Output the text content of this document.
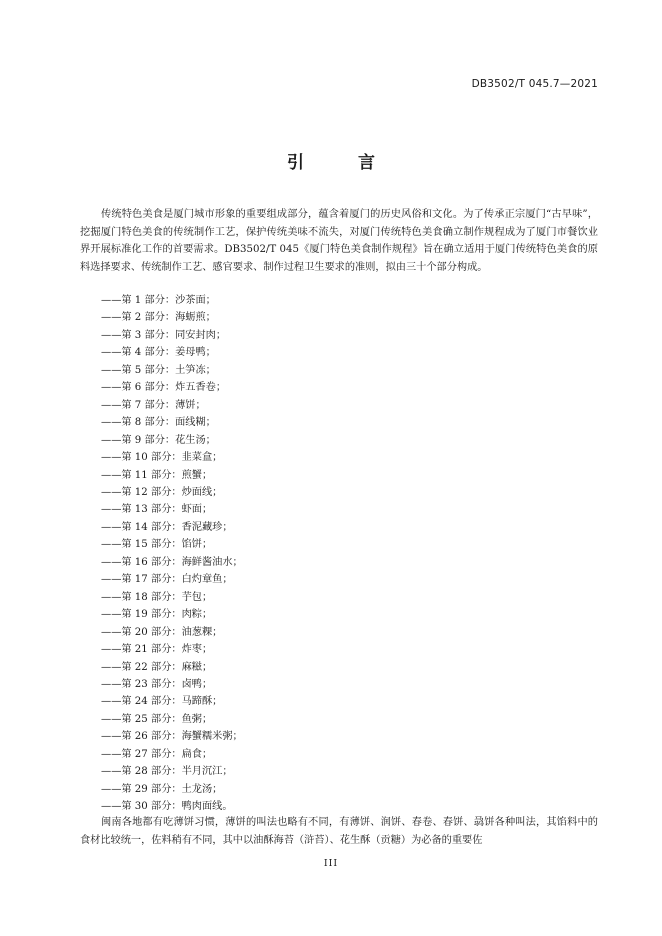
DB3502/T 045.7—2021
引 言

传统特色美食是厦门城市形象的重要组成部分，蕴含着厦门的历史风俗和文化。为了传承正宗厦门“古早味”，挖掘厦门特色美食的传统制作工艺，保护传统美味不流失，对厦门传统特色美食确立制作规程成为了厦门市餐饮业界开展标准化工作的首要需求。DB3502/T 045《厦门特色美食制作规程》旨在确立适用于厦门传统特色美食的原料选择要求、传统制作工艺、感官要求、制作过程卫生要求的准则，拟由三十个部分构成。

——第 1 部分：沙茶面；
——第 2 部分：海蛎煎；
——第 3 部分：同安封肉；
——第 4 部分：姜母鸭；
——第 5 部分：土笋冻；
——第 6 部分：炸五香卷；
——第 7 部分：薄饼；
——第 8 部分：面线糊；
——第 9 部分：花生汤；
——第 10 部分：韭菜盒；
——第 11 部分：煎蟹；
——第 12 部分：炒面线；
——第 13 部分：虾面；
——第 14 部分：香泥藏珍；
——第 15 部分：馅饼；
——第 16 部分：海鲜酱油水；
——第 17 部分：白灼章鱼；
——第 18 部分：芋包；
——第 19 部分：肉粽；
——第 20 部分：油葱粿；
——第 21 部分：炸枣；
——第 22 部分：麻糍；
——第 23 部分：卤鸭；
——第 24 部分：马蹄酥；
——第 25 部分：鱼粥；
——第 26 部分：海蟹糯米粥；
——第 27 部分：扁食；
——第 28 部分：半月沉江；
——第 29 部分：土龙汤；
——第 30 部分：鸭肉面线。

闽南各地都有吃薄饼习惯，薄饼的叫法也略有不同，有薄饼、润饼、春卷、春饼、骉饼各种叫法，其馅料中的食材比较统一，佐料稍有不同，其中以油酥海苔（浒苔）、花生酥（贡糖）为必备的重要佐

III
